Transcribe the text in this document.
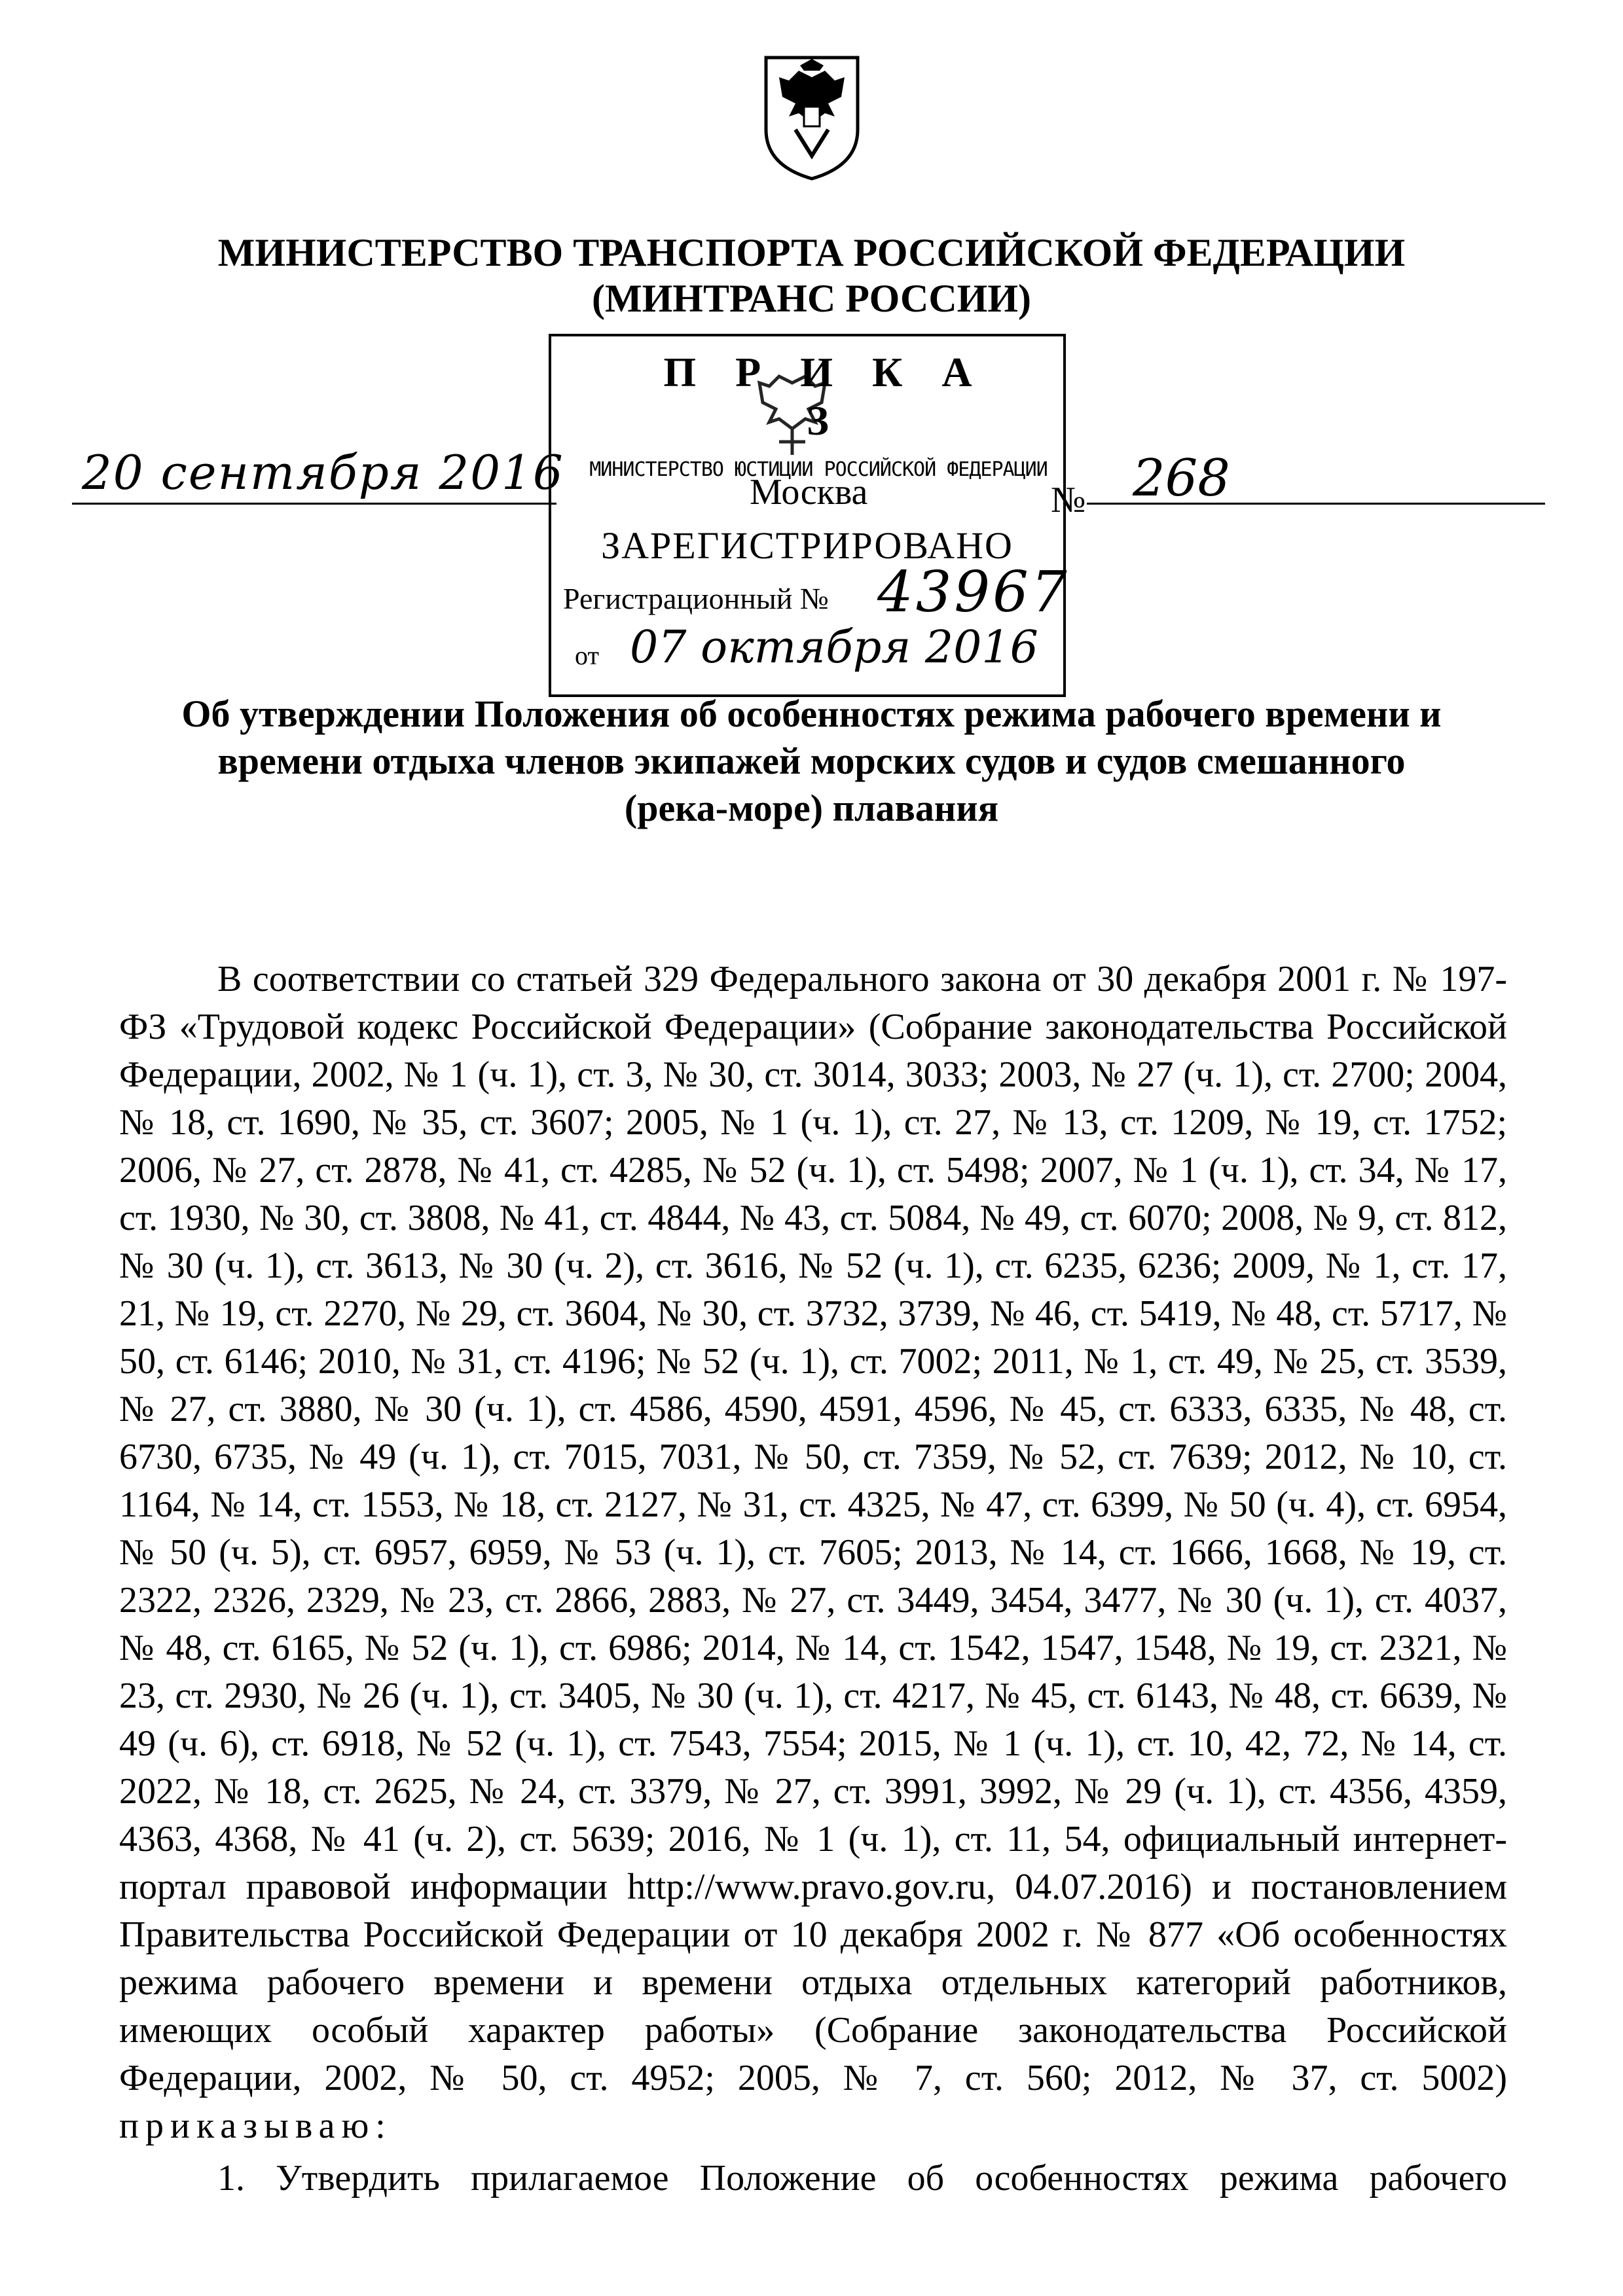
МИНИСТЕРСТВО ТРАНСПОРТА РОССИЙСКОЙ ФЕДЕРАЦИИ
(МИНТРАНС РОССИИ)
П Р И К А З
20 сентября 2016	МИНИСТЕРСТВО ЮСТИЦИИ РОССИЙСКОЙ ФЕДЕРАЦИИ
Москва	№ 268
ЗАРЕГИСТРИРОВАНО
Регистрационный № 43967
от 07 октября 2016
Об утверждении Положения об особенностях режима рабочего времени и
времени отдыха членов экипажей морских судов и судов смешанного
(река-море) плавания
В соответствии со статьей 329 Федерального закона от 30 декабря 2001 г. № 197-ФЗ «Трудовой кодекс Российской Федерации» (Собрание законодательства Российской Федерации, 2002, № 1 (ч. 1), ст. 3, № 30, ст. 3014, 3033; 2003, № 27 (ч. 1), ст. 2700; 2004, № 18, ст. 1690, № 35, ст. 3607; 2005, № 1 (ч. 1), ст. 27, № 13, ст. 1209, № 19, ст. 1752; 2006, № 27, ст. 2878, № 41, ст. 4285, № 52 (ч. 1), ст. 5498; 2007, № 1 (ч. 1), ст. 34, № 17, ст. 1930, № 30, ст. 3808, № 41, ст. 4844, № 43, ст. 5084, № 49, ст. 6070; 2008, № 9, ст. 812, № 30 (ч. 1), ст. 3613, № 30 (ч. 2), ст. 3616, № 52 (ч. 1), ст. 6235, 6236; 2009, № 1, ст. 17, 21, № 19, ст. 2270, № 29, ст. 3604, № 30, ст. 3732, 3739, № 46, ст. 5419, № 48, ст. 5717, № 50, ст. 6146; 2010, № 31, ст. 4196; № 52 (ч. 1), ст. 7002; 2011, № 1, ст. 49, № 25, ст. 3539, № 27, ст. 3880, № 30 (ч. 1), ст. 4586, 4590, 4591, 4596, № 45, ст. 6333, 6335, № 48, ст. 6730, 6735, № 49 (ч. 1), ст. 7015, 7031, № 50, ст. 7359, № 52, ст. 7639; 2012, № 10, ст. 1164, № 14, ст. 1553, № 18, ст. 2127, № 31, ст. 4325, № 47, ст. 6399, № 50 (ч. 4), ст. 6954, № 50 (ч. 5), ст. 6957, 6959, № 53 (ч. 1), ст. 7605; 2013, № 14, ст. 1666, 1668, № 19, ст. 2322, 2326, 2329, № 23, ст. 2866, 2883, № 27, ст. 3449, 3454, 3477, № 30 (ч. 1), ст. 4037, № 48, ст. 6165, № 52 (ч. 1), ст. 6986; 2014, № 14, ст. 1542, 1547, 1548, № 19, ст. 2321, № 23, ст. 2930, № 26 (ч. 1), ст. 3405, № 30 (ч. 1), ст. 4217, № 45, ст. 6143, № 48, ст. 6639, № 49 (ч. 6), ст. 6918, № 52 (ч. 1), ст. 7543, 7554; 2015, № 1 (ч. 1), ст. 10, 42, 72, № 14, ст. 2022, № 18, ст. 2625, № 24, ст. 3379, № 27, ст. 3991, 3992, № 29 (ч. 1), ст. 4356, 4359, 4363, 4368, № 41 (ч. 2), ст. 5639; 2016, № 1 (ч. 1), ст. 11, 54, официальный интернет-портал правовой информации http://www.pravo.gov.ru, 04.07.2016) и постановлением Правительства Российской Федерации от 10 декабря 2002 г. № 877 «Об особенностях режима рабочего времени и времени отдыха отдельных категорий работников, имеющих особый характер работы» (Собрание законодательства Российской Федерации, 2002, № 50, ст. 4952; 2005, № 7, ст. 560; 2012, № 37, ст. 5002) приказываю:
1. Утвердить прилагаемое Положение об особенностях режима рабочего
